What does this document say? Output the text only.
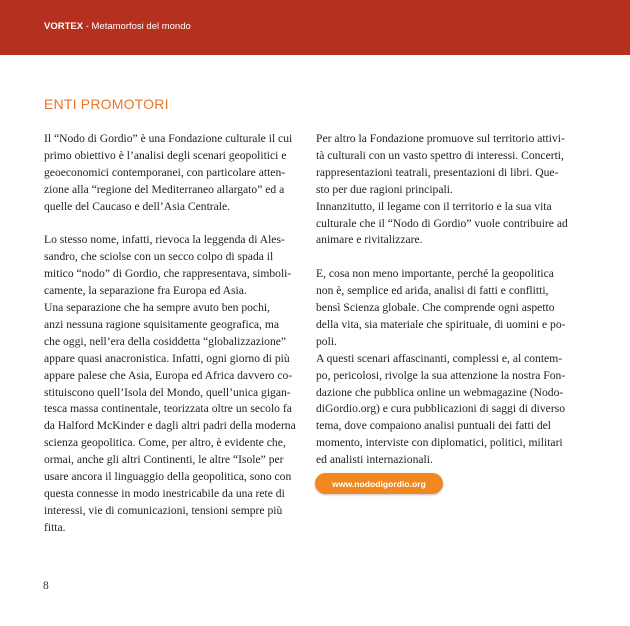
VORTEX - Metamorfosi del mondo
ENTI PROMOTORI
Il “Nodo di Gordio” è una Fondazione culturale il cui
primo obiettivo è l’analisi degli scenari geopolitici e
geoeconomici contemporanei, con particolare atten-
zione alla “regione del Mediterraneo allargato” ed a
quelle del Caucaso e dell’Asia Centrale.
Lo stesso nome, infatti, rievoca la leggenda di Ales-
sandro, che sciolse con un secco colpo di spada il
mitico “nodo” di Gordio, che rappresentava, simboli-
camente, la separazione fra Europa ed Asia.
Una separazione che ha sempre avuto ben pochi,
anzi nessuna ragione squisitamente geografica, ma
che oggi, nell’era della cosiddetta “globalizzazione”
appare quasi anacronistica. Infatti, ogni giorno di più
appare palese che Asia, Europa ed Africa davvero co-
stituiscono quell’Isola del Mondo, quell’unica gigan-
tesca massa continentale, teorizzata oltre un secolo fa
da Halford McKinder e dagli altri padri della moderna
scienza geopolitica. Come, per altro, è evidente che,
ormai, anche gli altri Continenti, le altre “Isole” per
usare ancora il linguaggio della geopolitica, sono con
questa connesse in modo inestricabile da una rete di
interessi, vie di comunicazioni, tensioni sempre più
fitta.
Per altro la Fondazione promuove sul territorio attivi-
tà culturali con un vasto spettro di interessi. Concerti,
rappresentazioni teatrali, presentazioni di libri. Que-
sto per due ragioni principali.
Innanzitutto, il legame con il territorio e la sua vita
culturale che il “Nodo di Gordio” vuole contribuire ad
animare e rivitalizzare.
E, cosa non meno importante, perché la geopolitica
non è, semplice ed arida, analisi di fatti e conflitti,
bensì Scienza globale. Che comprende ogni aspetto
della vita, sia materiale che spirituale, di uomini e po-
poli.
A questi scenari affascinanti, complessi e, al contem-
po, pericolosi, rivolge la sua attenzione la nostra Fon-
dazione che pubblica online un webmagazine (Nodo-
diGordio.org) e cura pubblicazioni di saggi di diverso
tema, dove compaiono analisi puntuali dei fatti del
momento, interviste con diplomatici, politici, militari
ed analisti internazionali.
www.nododigordio.org
8
